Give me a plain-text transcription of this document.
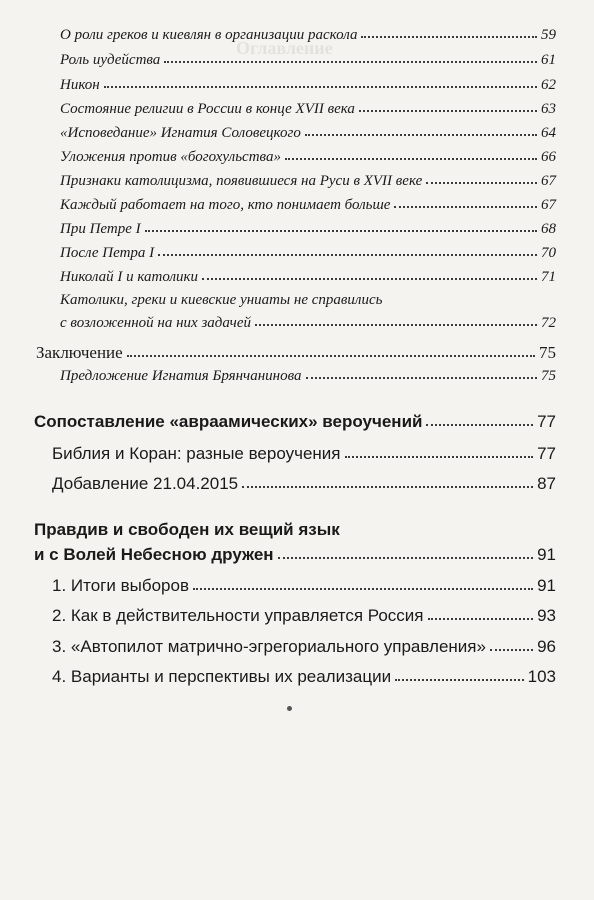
Оглавление
О роли греков и киевлян в организации раскола	59
Роль иудейства	61
Никон	62
Состояние религии в России в конце XVII века	63
«Исповедание» Игнатия Соловецкого	64
Уложения против «богохульства»	66
Признаки католицизма, появившиеся на Руси в XVII веке	67
Каждый работает на того, кто понимает больше	67
При Петре I	68
После Петра I	70
Николай I и католики	71
Католики, греки и киевские униаты не справились
с возложенной на них задачей	72
Заключение	75
Предложение Игнатия Брянчанинова	75
Сопоставление «авраамических» вероучений	77
Библия и Коран: разные вероучения	77
Добавление 21.04.2015	87
Правдив и свободен их вещий язык
и с Волей Небесною дружен	91
1. Итоги выборов	91
2. Как в действительности управляется Россия	93
3. «Автопилот матрично-эгрегориального управления»	96
4. Варианты и перспективы их реализации	103
